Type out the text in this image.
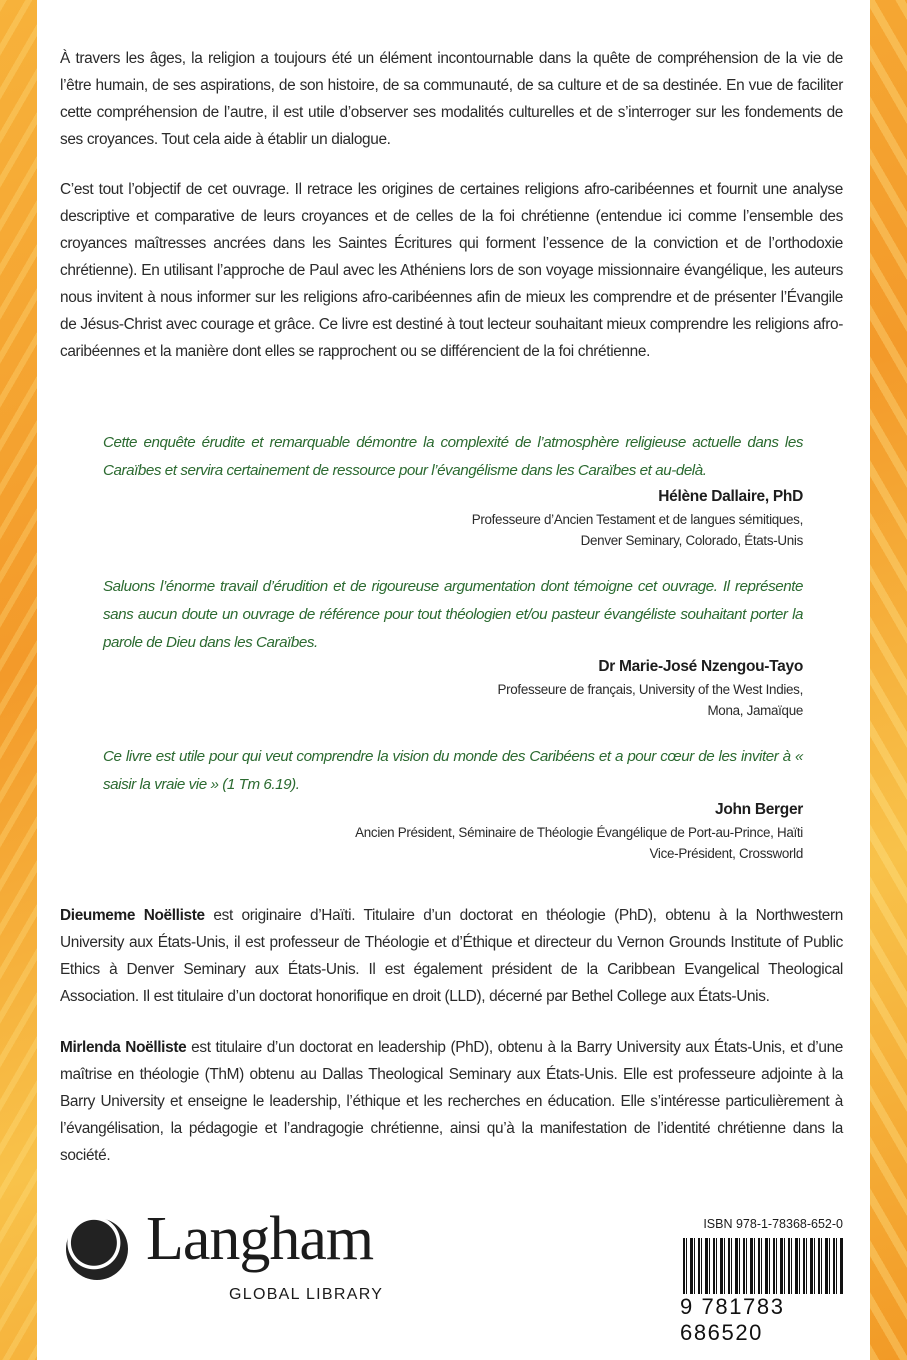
À travers les âges, la religion a toujours été un élément incontournable dans la quête de compréhension de la vie de l’être humain, de ses aspirations, de son histoire, de sa communauté, de sa culture et de sa destinée. En vue de faciliter cette compréhension de l’autre, il est utile d’observer ses modalités culturelles et de s’interroger sur les fondements de ses croyances. Tout cela aide à établir un dialogue.

C’est tout l’objectif de cet ouvrage. Il retrace les origines de certaines religions afro-caribéennes et fournit une analyse descriptive et comparative de leurs croyances et de celles de la foi chrétienne (entendue ici comme l’ensemble des croyances maîtresses ancrées dans les Saintes Écritures qui forment l’essence de la conviction et de l’orthodoxie chrétienne). En utilisant l’approche de Paul avec les Athéniens lors de son voyage missionnaire évangélique, les auteurs nous invitent à nous informer sur les religions afro-caribéennes afin de mieux les comprendre et de présenter l’Évangile de Jésus-Christ avec courage et grâce. Ce livre est destiné à tout lecteur souhaitant mieux comprendre les religions afro-caribéennes et la manière dont elles se rapprochent ou se différencient de la foi chrétienne.

Cette enquête érudite et remarquable démontre la complexité de l’atmosphère religieuse actuelle dans les Caraïbes et servira certainement de ressource pour l’évangélisme dans les Caraïbes et au-delà.

Hélène Dallaire, PhD
Professeure d’Ancien Testament et de langues sémitiques,
Denver Seminary, Colorado, États-Unis

Saluons l’énorme travail d’érudition et de rigoureuse argumentation dont témoigne cet ouvrage. Il représente sans aucun doute un ouvrage de référence pour tout théologien et/ou pasteur évangéliste souhaitant porter la parole de Dieu dans les Caraïbes.

Dr Marie-José Nzengou-Tayo
Professeure de français, University of the West Indies,
Mona, Jamaïque

Ce livre est utile pour qui veut comprendre la vision du monde des Caribéens et a pour cœur de les inviter à « saisir la vraie vie » (1 Tm 6.19).

John Berger
Ancien Président, Séminaire de Théologie Évangélique de Port-au-Prince, Haïti
Vice-Président, Crossworld

Dieumeme Noëlliste est originaire d’Haïti. Titulaire d’un doctorat en théologie (PhD), obtenu à la Northwestern University aux États-Unis, il est professeur de Théologie et d’Éthique et directeur du Vernon Grounds Institute of Public Ethics à Denver Seminary aux États-Unis. Il est également président de la Caribbean Evangelical Theological Association. Il est titulaire d’un doctorat honorifique en droit (LLD), décerné par Bethel College aux États-Unis.

Mirlenda Noëlliste est titulaire d’un doctorat en leadership (PhD), obtenu à la Barry University aux États-Unis, et d’une maîtrise en théologie (ThM) obtenu au Dallas Theological Seminary aux États-Unis. Elle est professeure adjointe à la Barry University et enseigne le leadership, l’éthique et les recherches en éducation. Elle s’intéresse particulièrement à l’évangélisation, la pédagogie et l’andragogie chrétienne, ainsi qu’à la manifestation de l’identité chrétienne dans la société.

Langham
GLOBAL LIBRARY
ISBN 978-1-78368-652-0
9 781783 686520
